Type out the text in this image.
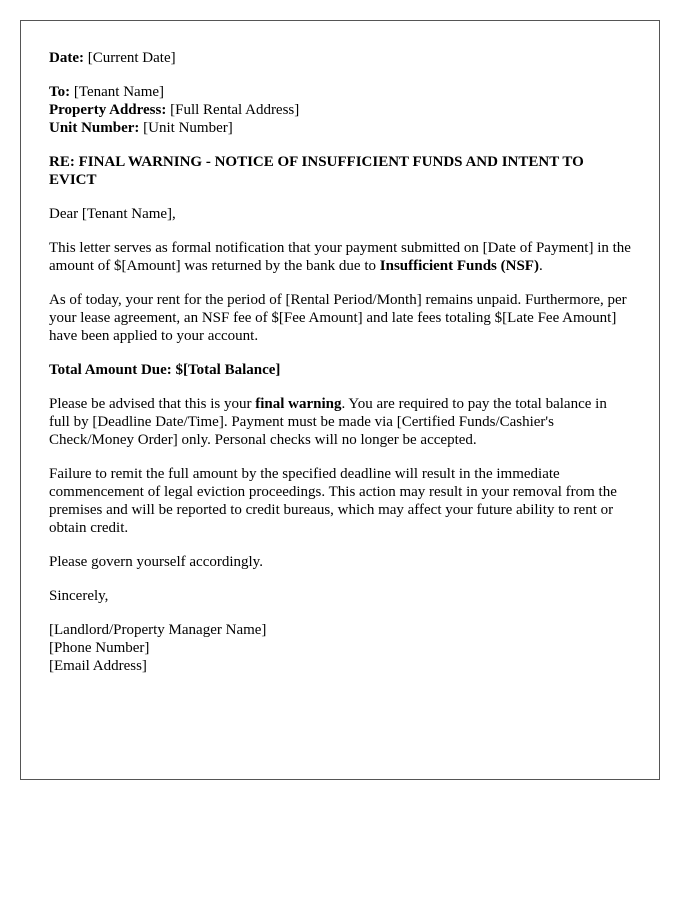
Date: [Current Date]
To: [Tenant Name]
Property Address: [Full Rental Address]
Unit Number: [Unit Number]
RE: FINAL WARNING - NOTICE OF INSUFFICIENT FUNDS AND INTENT TO EVICT
Dear [Tenant Name],
This letter serves as formal notification that your payment submitted on [Date of Payment] in the amount of $[Amount] was returned by the bank due to Insufficient Funds (NSF).
As of today, your rent for the period of [Rental Period/Month] remains unpaid. Furthermore, per your lease agreement, an NSF fee of $[Fee Amount] and late fees totaling $[Late Fee Amount] have been applied to your account.
Total Amount Due: $[Total Balance]
Please be advised that this is your final warning. You are required to pay the total balance in full by [Deadline Date/Time]. Payment must be made via [Certified Funds/Cashier's Check/Money Order] only. Personal checks will no longer be accepted.
Failure to remit the full amount by the specified deadline will result in the immediate commencement of legal eviction proceedings. This action may result in your removal from the premises and will be reported to credit bureaus, which may affect your future ability to rent or obtain credit.
Please govern yourself accordingly.
Sincerely,
[Landlord/Property Manager Name]
[Phone Number]
[Email Address]
